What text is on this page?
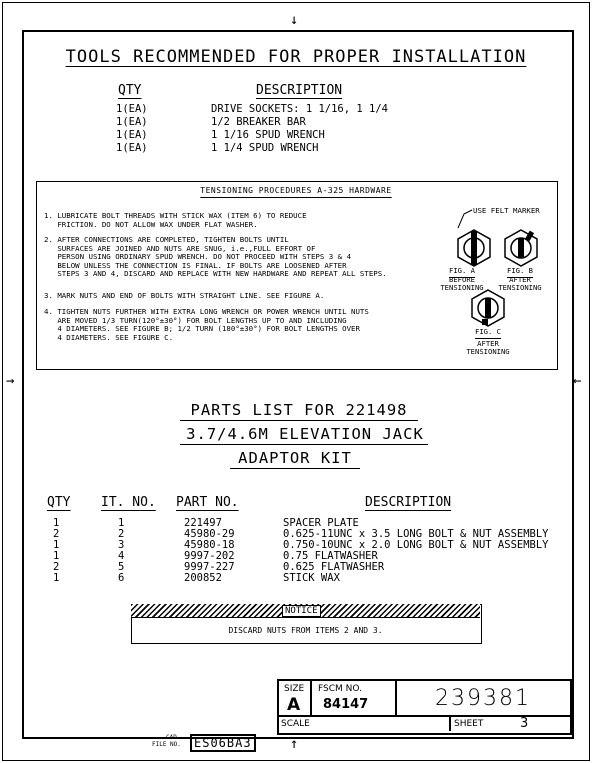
↓
↑
→	←
TOOLS RECOMMENDED FOR PROPER INSTALLATION
QTY	DESCRIPTION
1(EA)	DRIVE SOCKETS: 1 1/16, 1 1/4
1(EA)	1/2 BREAKER BAR
1(EA)	1 1/16 SPUD WRENCH
1(EA)	1 1/4 SPUD WRENCH
TENSIONING PROCEDURES A-325 HARDWARE
1. LUBRICATE BOLT THREADS WITH STICK WAX (ITEM 6) TO REDUCE
FRICTION. DO NOT ALLOW WAX UNDER FLAT WASHER.
2. AFTER CONNECTIONS ARE COMPLETED, TIGHTEN BOLTS UNTIL
SURFACES ARE JOINED AND NUTS ARE SNUG, i.e.,FULL EFFORT OF
PERSON USING ORDINARY SPUD WRENCH. DO NOT PROCEED WITH STEPS 3 & 4
BELOW UNLESS THE CONNECTION IS FINAL. IF BOLTS ARE LOOSENED AFTER
STEPS 3 AND 4, DISCARD AND REPLACE WITH NEW HARDWARE AND REPEAT ALL STEPS.
3. MARK NUTS AND END OF BOLTS WITH STRAIGHT LINE. SEE FIGURE A.
4. TIGHTEN NUTS FURTHER WITH EXTRA LONG WRENCH OR POWER WRENCH UNTIL NUTS
ARE MOVED 1/3 TURN(120°±30°) FOR BOLT LENGTHS UP TO AND INCLUDING
4 DIAMETERS. SEE FIGURE B; 1/2 TURN (180°±30°) FOR BOLT LENGTHS OVER
4 DIAMETERS. SEE FIGURE C.
USE FELT MARKER
FIG. A
BEFORE
TENSIONING
FIG. B
AFTER
TENSIONING
FIG. C
AFTER
TENSIONING
PARTS LIST FOR 221498
3.7/4.6M ELEVATION JACK
ADAPTOR KIT
QTY IT. NO. PART NO.	DESCRIPTION
1	1	221497	SPACER PLATE
2	2	45980-29	0.625-11UNC x 3.5 LONG BOLT & NUT ASSEMBLY
1	3	45980-18	0.750-10UNC x 2.0 LONG BOLT & NUT ASSEMBLY
1	4	9997-202	0.75 FLATWASHER
2	5	9997-227	0.625 FLATWASHER
1	6	200852	STICK WAX
NOTICE
DISCARD NUTS FROM ITEMS 2 AND 3.
SIZE
A
FSCM NO.
84147	239381
SCALE	SHEET	3
CAD
FILE NO.	ES06BA3
